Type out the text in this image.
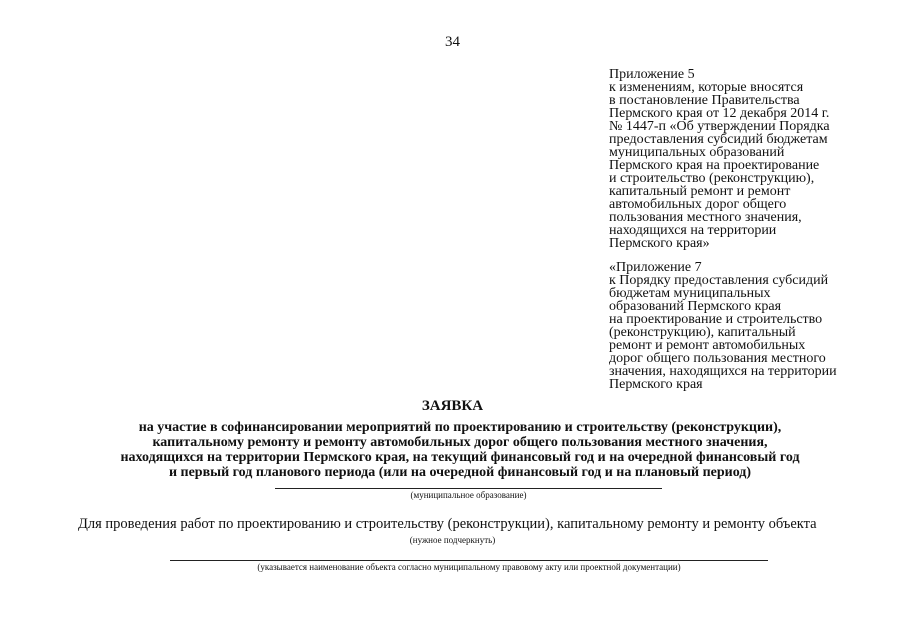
34
Приложение 5
к изменениям, которые вносятся
в постановление Правительства
Пермского края от 12 декабря 2014 г.
№ 1447-п «Об утверждении Порядка
предоставления субсидий бюджетам
муниципальных образований
Пермского края на проектирование
и строительство (реконструкцию),
капитальный ремонт и ремонт
автомобильных дорог общего
пользования местного значения,
находящихся на территории
Пермского края»
«Приложение 7
к Порядку предоставления субсидий
бюджетам муниципальных
образований Пермского края
на проектирование и строительство
(реконструкцию), капитальный
ремонт и ремонт автомобильных
дорог общего пользования местного
значения, находящихся на территории
Пермского края
ЗАЯВКА
на участие в софинансировании мероприятий по проектированию и строительству (реконструкции),
капитальному ремонту и ремонту автомобильных дорог общего пользования местного значения,
находящихся на территории Пермского края, на текущий финансовый год и на очередной финансовый год
и первый год планового периода (или на очередной финансовый год и на плановый период)
(муниципальное образование)
Для проведения работ по проектированию и строительству (реконструкции), капитальному ремонту и ремонту объекта
(нужное подчеркнуть)
(указывается наименование объекта согласно муниципальному правовому акту или проектной документации)
